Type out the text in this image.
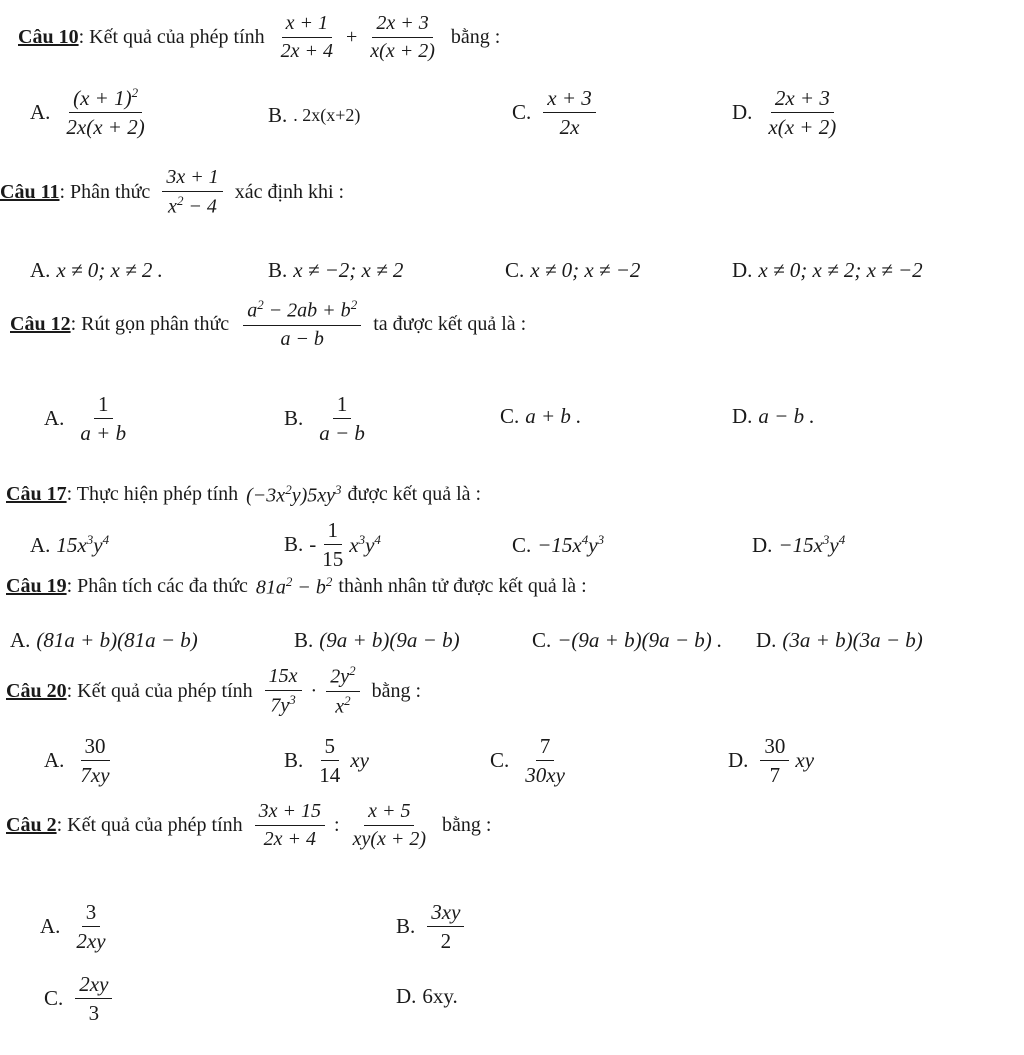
Câu 10 : Kết quả của phép tính $\frac{x + 1}{2x + 4} + \frac{2x + 3}{x(x + 2)}$ bằng :
A. $\frac{(x + 1)^2}{2x(x + 2)}$	B. . 2x(x+2)	C. $\frac{x + 3}{2x}$	D. $\frac{2x + 3}{x(x + 2)}$
Câu 11 : Phân thức $\frac{3x + 1}{x^2 - 4}$ xác định khi :
A. x ≠ 0; x ≠ 2 .	B. x ≠ −2; x ≠ 2	C. x ≠ 0; x ≠ −2	D. x ≠ 0; x ≠ 2; x ≠ −2
Câu 12 : Rút gọn phân thức $\frac{a^2 - 2ab + b^2}{a - b}$ ta được kết quả là :
A. $\frac{1}{a + b}$	B. $\frac{1}{a - b}$	C. a + b .	D. a − b .
Câu 17 : Thực hiện phép tính $(-3x^2y)5xy^3$ được kết quả là :
A. $15x^3y^4$	B. - $\frac{1}{15} x^3y^4$	C. $-15x^4y^3$	D. $-15x^3y^4$
Câu 19 : Phân tích các đa thức $81a^2 - b^2$ thành nhân tử được kết quả là :
A. (81a + b)(81a − b)	B. (9a + b)(9a − b)	C. −(9a + b)(9a − b) . D. (3a + b)(3a − b)
Câu 20 : Kết quả của phép tính $\frac{15x}{7y^3} \cdot \frac{2y^2}{x^2}$ bằng :
A. $\frac{30}{7xy}$	B. $\frac{5}{14}$ xy	C. $\frac{7}{30xy}$	D. $\frac{30}{7}$ xy
Câu 2 : Kết quả của phép tính $\frac{3x + 15}{2x + 4}$ : $\frac{x + 5}{xy(x + 2)}$ bằng :
A. $\frac{3}{2xy}$	B. $\frac{3xy}{2}$
C. $\frac{2xy}{3}$	D. 6xy.
